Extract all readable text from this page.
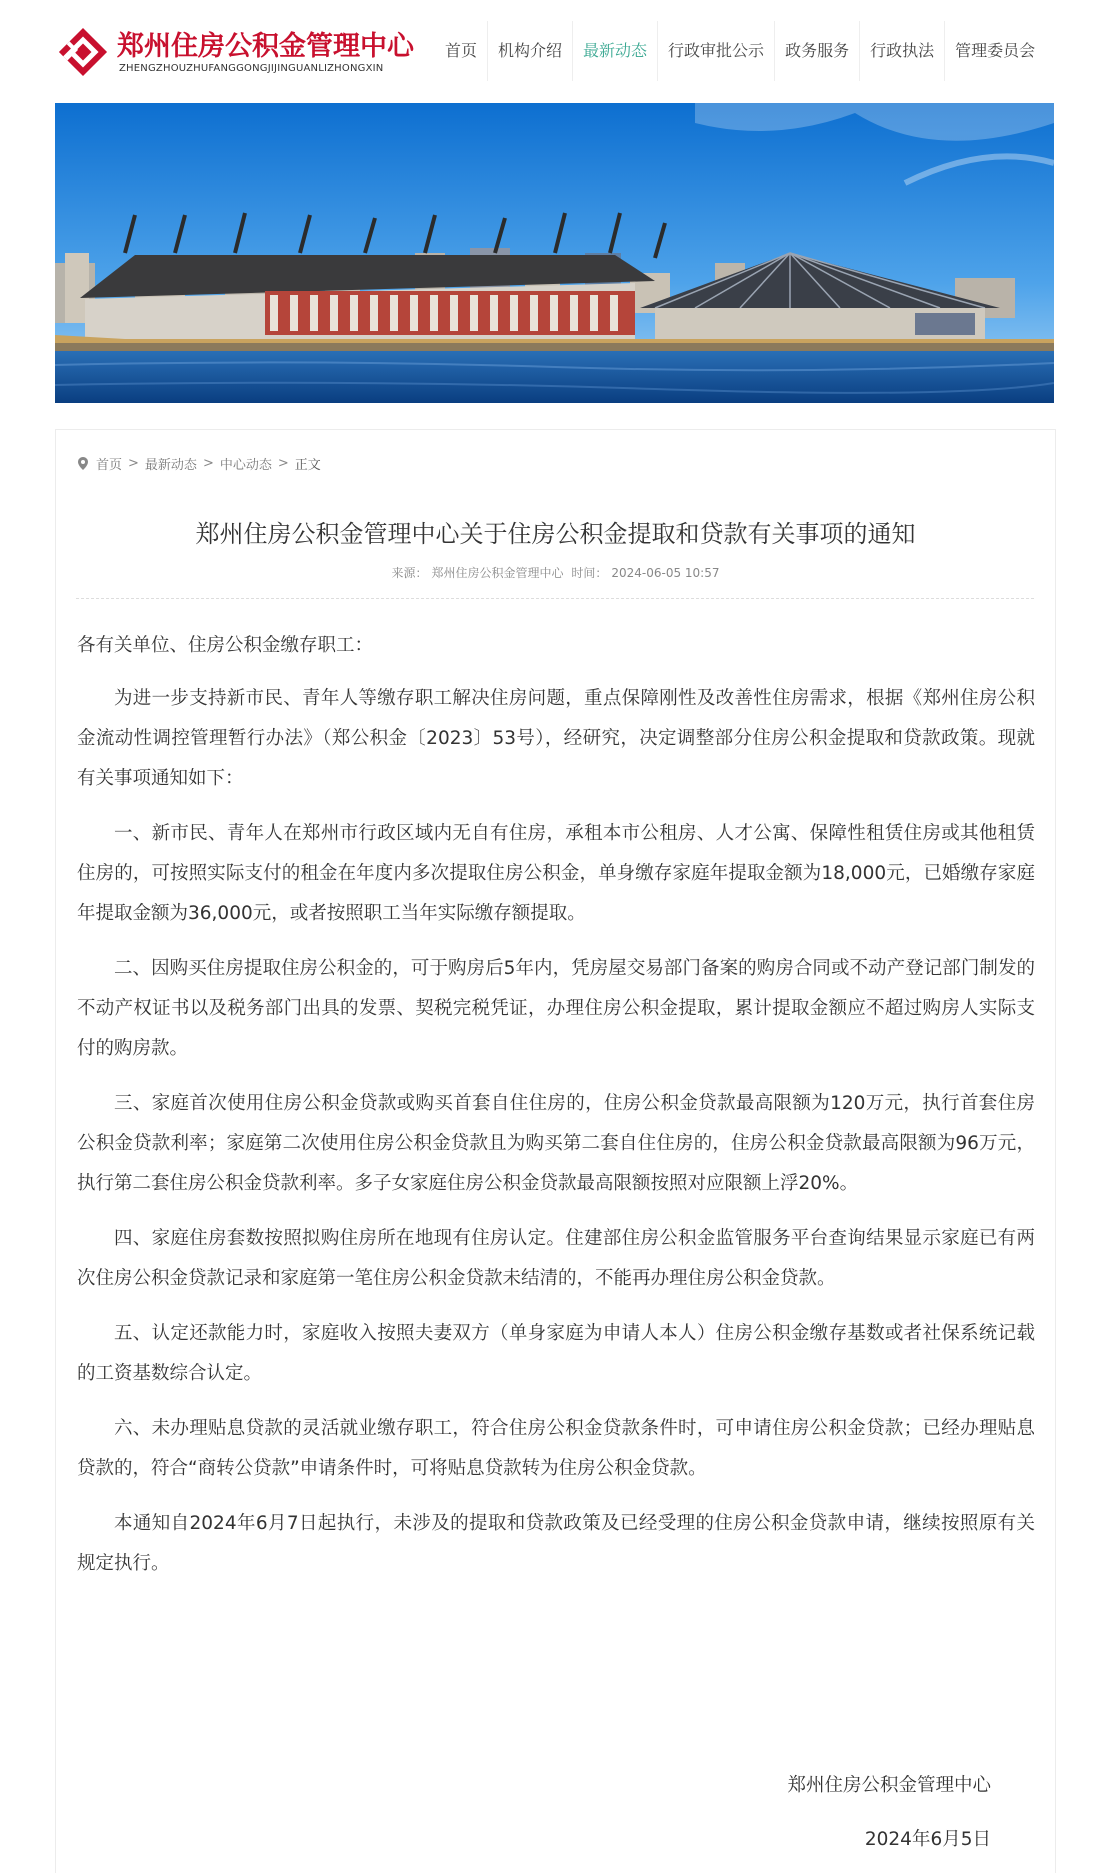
郑州住房公积金管理中心
ZHENGZHOUZHUFANGGONGJIJINGUANLIZHONGXIN
首页	机构介绍	最新动态	行政审批公示	政务服务	行政执法	管理委员会
首页 > 最新动态 > 中心动态 > 正文
郑州住房公积金管理中心关于住房公积金提取和贷款有关事项的通知
来源： 郑州住房公积金管理中心 时间： 2024-06-05 10:57

各有关单位、住房公积金缴存职工：

为进一步支持新市民、青年人等缴存职工解决住房问题，重点保障刚性及改善性住房需求，根据《郑州住房公积金流动性调控管理暂行办法》（郑公积金〔2023〕53号），经研究，决定调整部分住房公积金提取和贷款政策。现就有关事项通知如下：

一、新市民、青年人在郑州市行政区域内无自有住房，承租本市公租房、人才公寓、保障性租赁住房或其他租赁住房的，可按照实际支付的租金在年度内多次提取住房公积金，单身缴存家庭年提取金额为18,000元，已婚缴存家庭年提取金额为36,000元，或者按照职工当年实际缴存额提取。

二、因购买住房提取住房公积金的，可于购房后5年内，凭房屋交易部门备案的购房合同或不动产登记部门制发的不动产权证书以及税务部门出具的发票、契税完税凭证，办理住房公积金提取，累计提取金额应不超过购房人实际支付的购房款。

三、家庭首次使用住房公积金贷款或购买首套自住住房的，住房公积金贷款最高限额为120万元，执行首套住房公积金贷款利率；家庭第二次使用住房公积金贷款且为购买第二套自住住房的，住房公积金贷款最高限额为96万元，执行第二套住房公积金贷款利率。多子女家庭住房公积金贷款最高限额按照对应限额上浮20%。

四、家庭住房套数按照拟购住房所在地现有住房认定。住建部住房公积金监管服务平台查询结果显示家庭已有两次住房公积金贷款记录和家庭第一笔住房公积金贷款未结清的，不能再办理住房公积金贷款。

五、认定还款能力时，家庭收入按照夫妻双方（单身家庭为申请人本人）住房公积金缴存基数或者社保系统记载的工资基数综合认定。

六、未办理贴息贷款的灵活就业缴存职工，符合住房公积金贷款条件时，可申请住房公积金贷款；已经办理贴息贷款的，符合“商转公贷款”申请条件时，可将贴息贷款转为住房公积金贷款。

本通知自2024年6月7日起执行，未涉及的提取和贷款政策及已经受理的住房公积金贷款申请，继续按照原有关规定执行。

郑州住房公积金管理中心
2024年6月5日
